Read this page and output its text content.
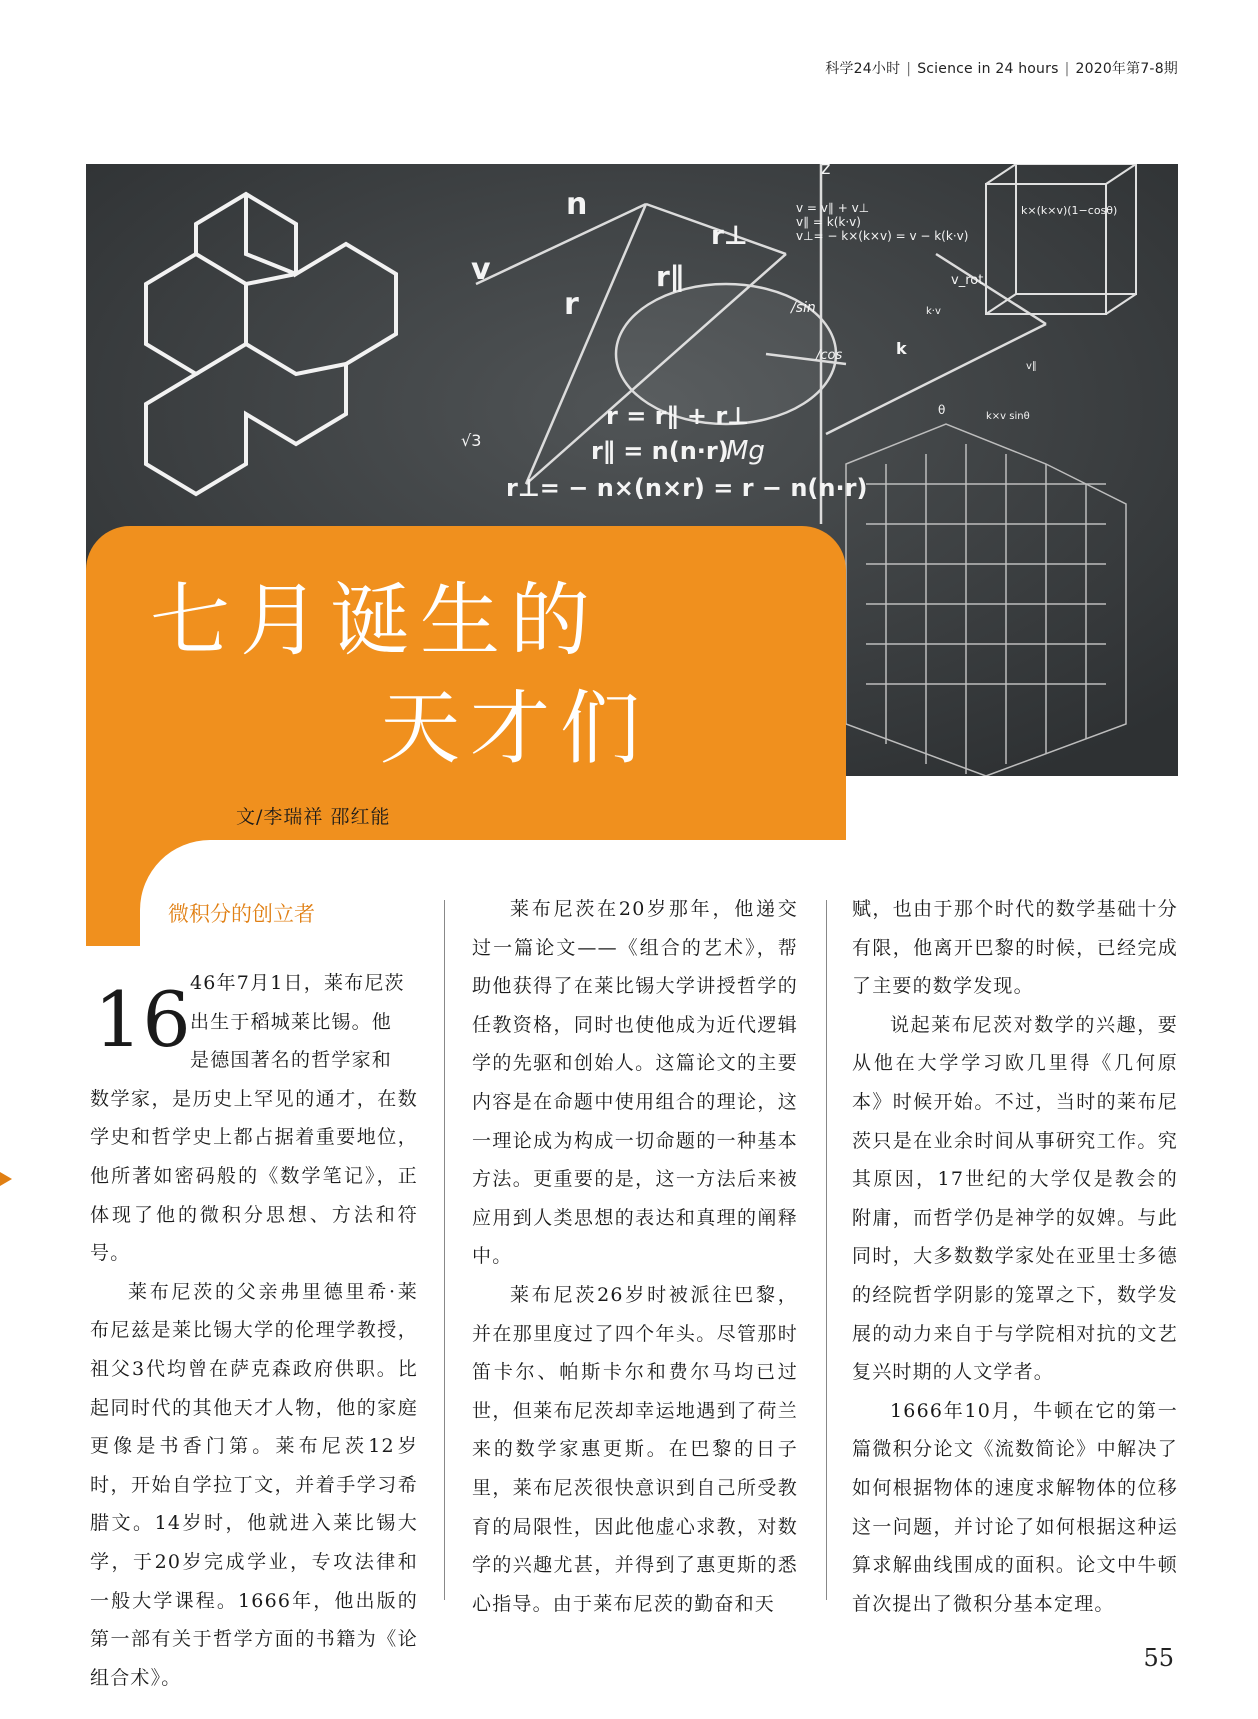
科学24小时 | Science in 24 hours | 2020年第7-8期
r = r∥ + r⊥
r∥ = n(n·r)
r⊥= − n×(n×r) = r − n(n·r)
Mg
v = v∥ + v⊥
v∥ = k(k·v)
v⊥= − k×(k×v) = v − k(k·v)
k×(k×v)(1−cosθ)
n
v
r
r∥
r⊥
z
v_rot
k
θ
√3
/sin
/cos
k·v
v∥
k×v sinθ
七月诞生的
天才们
文/李瑞祥 邵红能
微积分的创立者
16 46年7月1日，莱布尼茨
出生于稻城莱比锡。他
是德国著名的哲学家和

数学家，是历史上罕见的通才，在数学史和哲学史上都占据着重要地位，他所著如密码般的《数学笔记》，正体现了他的微积分思想、方法和符号。

莱布尼茨的父亲弗里德里希·莱布尼兹是莱比锡大学的伦理学教授，祖父3代均曾在萨克森政府供职。比起同时代的其他天才人物，他的家庭更像是书香门第。莱布尼茨12岁时，开始自学拉丁文，并着手学习希腊文。14岁时，他就进入莱比锡大学，于20岁完成学业，专攻法律和一般大学课程。1666年，他出版的第一部有关于哲学方面的书籍为《论组合术》。

莱布尼茨在20岁那年，他递交过一篇论文——《组合的艺术》，帮助他获得了在莱比锡大学讲授哲学的任教资格，同时也使他成为近代逻辑学的先驱和创始人。这篇论文的主要内容是在命题中使用组合的理论，这一理论成为构成一切命题的一种基本方法。更重要的是，这一方法后来被应用到人类思想的表达和真理的阐释中。

莱布尼茨26岁时被派往巴黎，并在那里度过了四个年头。尽管那时笛卡尔、帕斯卡尔和费尔马均已过世，但莱布尼茨却幸运地遇到了荷兰来的数学家惠更斯。在巴黎的日子里，莱布尼茨很快意识到自己所受教育的局限性，因此他虚心求教，对数学的兴趣尤甚，并得到了惠更斯的悉心指导。由于莱布尼茨的勤奋和天

赋，也由于那个时代的数学基础十分有限，他离开巴黎的时候，已经完成了主要的数学发现。

说起莱布尼茨对数学的兴趣，要从他在大学学习欧几里得《几何原本》时候开始。不过，当时的莱布尼茨只是在业余时间从事研究工作。究其原因，17世纪的大学仅是教会的附庸，而哲学仍是神学的奴婢。与此同时，大多数数学家处在亚里士多德的经院哲学阴影的笼罩之下，数学发展的动力来自于与学院相对抗的文艺复兴时期的人文学者。

1666年10月，牛顿在它的第一篇微积分论文《流数简论》中解决了如何根据物体的速度求解物体的位移这一问题，并讨论了如何根据这种运算求解曲线围成的面积。论文中牛顿首次提出了微积分基本定理。

55
